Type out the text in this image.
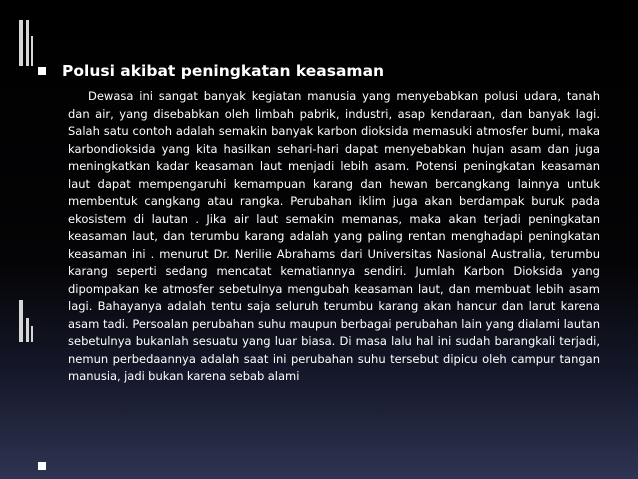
Polusi akibat peningkatan keasaman

Dewasa ini sangat banyak kegiatan manusia yang menyebabkan polusi udara, tanah dan air, yang disebabkan oleh limbah pabrik, industri, asap kendaraan, dan banyak lagi. Salah satu contoh adalah semakin banyak karbon dioksida memasuki atmosfer bumi, maka karbondioksida yang kita hasilkan sehari-hari dapat menyebabkan hujan asam dan juga meningkatkan kadar keasaman laut menjadi lebih asam. Potensi peningkatan keasaman laut dapat mempengaruhi kemampuan karang dan hewan bercangkang lainnya untuk membentuk cangkang atau rangka. Perubahan iklim juga akan berdampak buruk pada ekosistem di lautan . Jika air laut semakin memanas, maka akan terjadi peningkatan keasaman laut, dan terumbu karang adalah yang paling rentan menghadapi peningkatan keasaman ini . menurut Dr. Nerilie Abrahams dari Universitas Nasional Australia, terumbu karang seperti sedang mencatat kematiannya sendiri. Jumlah Karbon Dioksida yang dipompakan ke atmosfer sebetulnya mengubah keasaman laut, dan membuat lebih asam lagi. Bahayanya adalah tentu saja seluruh terumbu karang akan hancur dan larut karena asam tadi. Persoalan perubahan suhu maupun berbagai perubahan lain yang dialami lautan sebetulnya bukanlah sesuatu yang luar biasa. Di masa lalu hal ini sudah barangkali terjadi, nemun perbedaannya adalah saat ini perubahan suhu tersebut dipicu oleh campur tangan manusia, jadi bukan karena sebab alami
